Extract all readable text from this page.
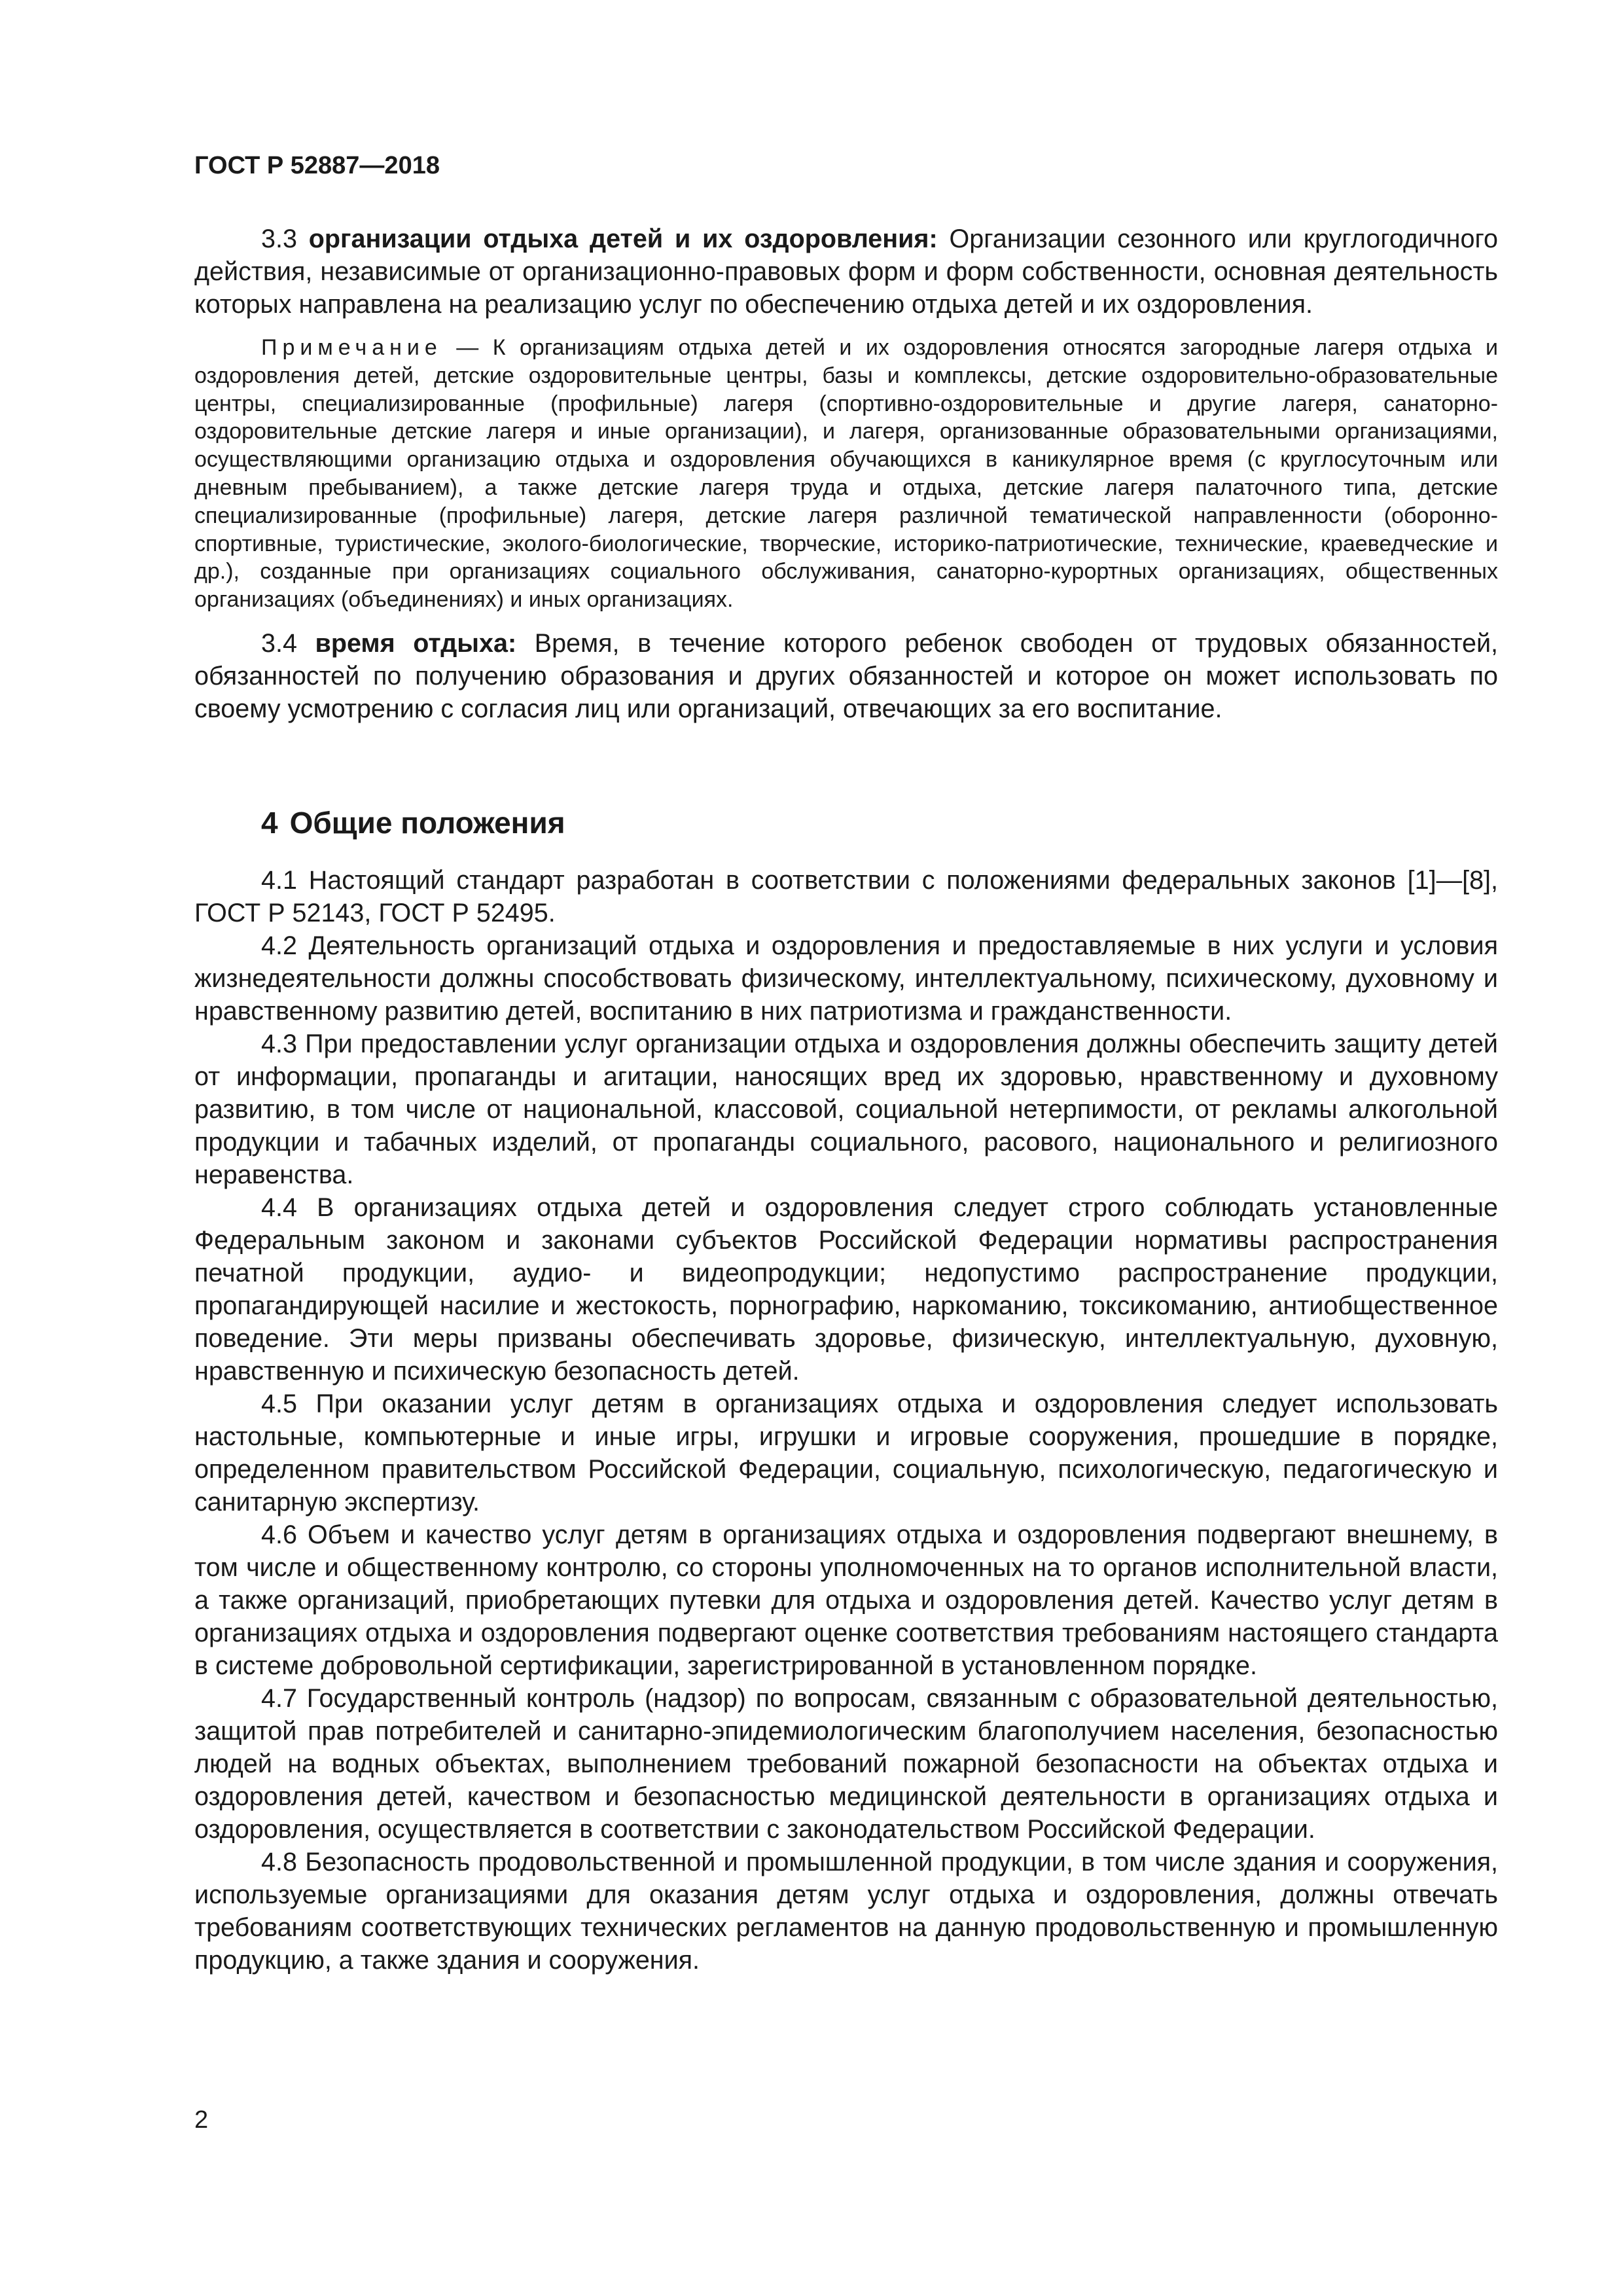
ГОСТ Р 52887—2018

3.3 организации отдыха детей и их оздоровления: Организации сезонного или круглогодичного действия, независимые от организационно-правовых форм и форм собственности, основная деятельность которых направлена на реализацию услуг по обеспечению отдыха детей и их оздоровления.

Примечание — К организациям отдыха детей и их оздоровления относятся загородные лагеря отдыха и оздоровления детей, детские оздоровительные центры, базы и комплексы, детские оздоровительно-образовательные центры, специализированные (профильные) лагеря (спортивно-оздоровительные и другие лагеря, санаторно-оздоровительные детские лагеря и иные организации), и лагеря, организованные образовательными организациями, осуществляющими организацию отдыха и оздоровления обучающихся в каникулярное время (с круглосуточным или дневным пребыванием), а также детские лагеря труда и отдыха, детские лагеря палаточного типа, детские специализированные (профильные) лагеря, детские лагеря различной тематической направленности (оборонно-спортивные, туристические, эколого-биологические, творческие, историко-патриотические, технические, краеведческие и др.), созданные при организациях социального обслуживания, санаторно-курортных организациях, общественных организациях (объединениях) и иных организациях.

3.4 время отдыха: Время, в течение которого ребенок свободен от трудовых обязанностей, обязанностей по получению образования и других обязанностей и которое он может использовать по своему усмотрению с согласия лиц или организаций, отвечающих за его воспитание.

4 Общие положения

4.1 Настоящий стандарт разработан в соответствии с положениями федеральных законов [1]—[8], ГОСТ Р 52143, ГОСТ Р 52495.

4.2 Деятельность организаций отдыха и оздоровления и предоставляемые в них услуги и условия жизнедеятельности должны способствовать физическому, интеллектуальному, психическому, духовному и нравственному развитию детей, воспитанию в них патриотизма и гражданственности.

4.3 При предоставлении услуг организации отдыха и оздоровления должны обеспечить защиту детей от информации, пропаганды и агитации, наносящих вред их здоровью, нравственному и духовному развитию, в том числе от национальной, классовой, социальной нетерпимости, от рекламы алкогольной продукции и табачных изделий, от пропаганды социального, расового, национального и религиозного неравенства.

4.4 В организациях отдыха детей и оздоровления следует строго соблюдать установленные Федеральным законом и законами субъектов Российской Федерации нормативы распространения печатной продукции, аудио- и видеопродукции; недопустимо распространение продукции, пропагандирующей насилие и жестокость, порнографию, наркоманию, токсикоманию, антиобщественное поведение. Эти меры призваны обеспечивать здоровье, физическую, интеллектуальную, духовную, нравственную и психическую безопасность детей.

4.5 При оказании услуг детям в организациях отдыха и оздоровления следует использовать настольные, компьютерные и иные игры, игрушки и игровые сооружения, прошедшие в порядке, определенном правительством Российской Федерации, социальную, психологическую, педагогическую и санитарную экспертизу.

4.6 Объем и качество услуг детям в организациях отдыха и оздоровления подвергают внешнему, в том числе и общественному контролю, со стороны уполномоченных на то органов исполнительной власти, а также организаций, приобретающих путевки для отдыха и оздоровления детей. Качество услуг детям в организациях отдыха и оздоровления подвергают оценке соответствия требованиям настоящего стандарта в системе добровольной сертификации, зарегистрированной в установленном порядке.

4.7 Государственный контроль (надзор) по вопросам, связанным с образовательной деятельностью, защитой прав потребителей и санитарно-эпидемиологическим благополучием населения, безопасностью людей на водных объектах, выполнением требований пожарной безопасности на объектах отдыха и оздоровления детей, качеством и безопасностью медицинской деятельности в организациях отдыха и оздоровления, осуществляется в соответствии с законодательством Российской Федерации.

4.8 Безопасность продовольственной и промышленной продукции, в том числе здания и сооружения, используемые организациями для оказания детям услуг отдыха и оздоровления, должны отвечать требованиям соответствующих технических регламентов на данную продовольственную и промышленную продукцию, а также здания и сооружения.

2
